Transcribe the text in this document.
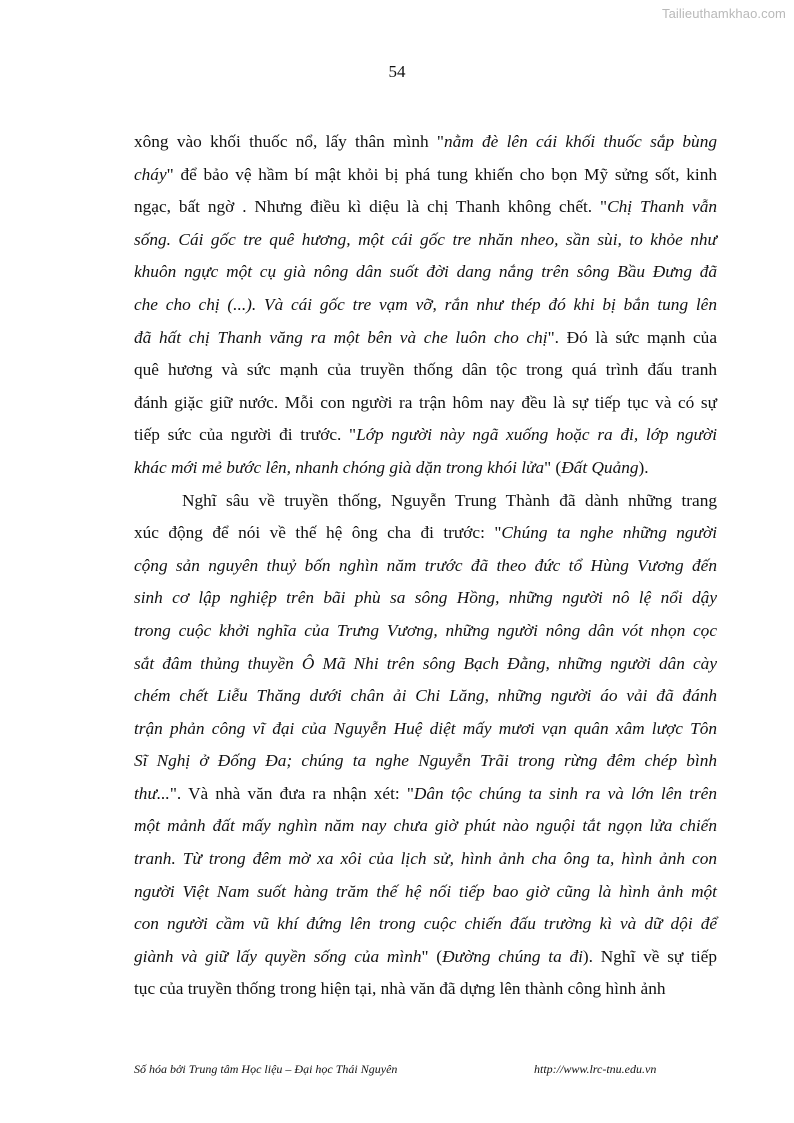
Tailieuthamkhao.com
54
xông vào khối thuốc nổ, lấy thân mình "nằm đè lên cái khối thuốc sắp bùng
cháy" để bảo vệ hầm bí mật khỏi bị phá tung khiến cho bọn Mỹ sửng sốt, kinh
ngạc, bất ngờ . Nhưng điều kì diệu là chị Thanh không chết. "Chị Thanh vẫn
sống. Cái gốc tre quê hương, một cái gốc tre nhăn nheo, sần sùi, to khỏe như
khuôn ngực một cụ già nông dân suốt đời dang nắng trên sông Bầu Đưng đã
che cho chị (...). Và cái gốc tre vạm vỡ, rắn như thép đó khi bị bắn tung lên
đã hất chị Thanh văng ra một bên và che luôn cho chị". Đó là sức mạnh của
quê hương và sức mạnh của truyền thống dân tộc trong quá trình đấu tranh
đánh giặc giữ nước. Mỗi con người ra trận hôm nay đều là sự tiếp tục và có sự
tiếp sức của người đi trước. "Lớp người này ngã xuống hoặc ra đi, lớp người
khác mới mẻ bước lên, nhanh chóng già dặn trong khói lửa" (Đất Quảng).
Nghĩ sâu về truyền thống, Nguyễn Trung Thành đã dành những trang
xúc động để nói về thế hệ ông cha đi trước: "Chúng ta nghe những người
cộng sản nguyên thuỷ bốn nghìn năm trước đã theo đức tổ Hùng Vương đến
sinh cơ lập nghiệp trên bãi phù sa sông Hồng, những người nô lệ nổi dậy
trong cuộc khởi nghĩa của Trưng Vương, những người nông dân vót nhọn cọc
sắt đâm thủng thuyền Ô Mã Nhi trên sông Bạch Đằng, những người dân cày
chém chết Liễu Thăng dưới chân ải Chi Lăng, những người áo vải đã đánh
trận phản công vĩ đại của Nguyễn Huệ diệt mấy mươi vạn quân xâm lược Tôn
Sĩ Nghị ở Đống Đa; chúng ta nghe Nguyễn Trãi trong rừng đêm chép bình
thư...". Và nhà văn đưa ra nhận xét: "Dân tộc chúng ta sinh ra và lớn lên trên
một mảnh đất mấy nghìn năm nay chưa giờ phút nào nguội tắt ngọn lửa chiến
tranh. Từ trong đêm mờ xa xôi của lịch sử, hình ảnh cha ông ta, hình ảnh con
người Việt Nam suốt hàng trăm thế hệ nối tiếp bao giờ cũng là hình ảnh một
con người cầm vũ khí đứng lên trong cuộc chiến đấu trường kì và dữ dội để
giành và giữ lấy quyền sống của mình" (Đường chúng ta đi). Nghĩ về sự tiếp
tục của truyền thống trong hiện tại, nhà văn đã dựng lên thành công hình ảnh
Số hóa bởi Trung tâm Học liệu – Đại học Thái Nguyên	http://www.lrc-tnu.edu.vn
